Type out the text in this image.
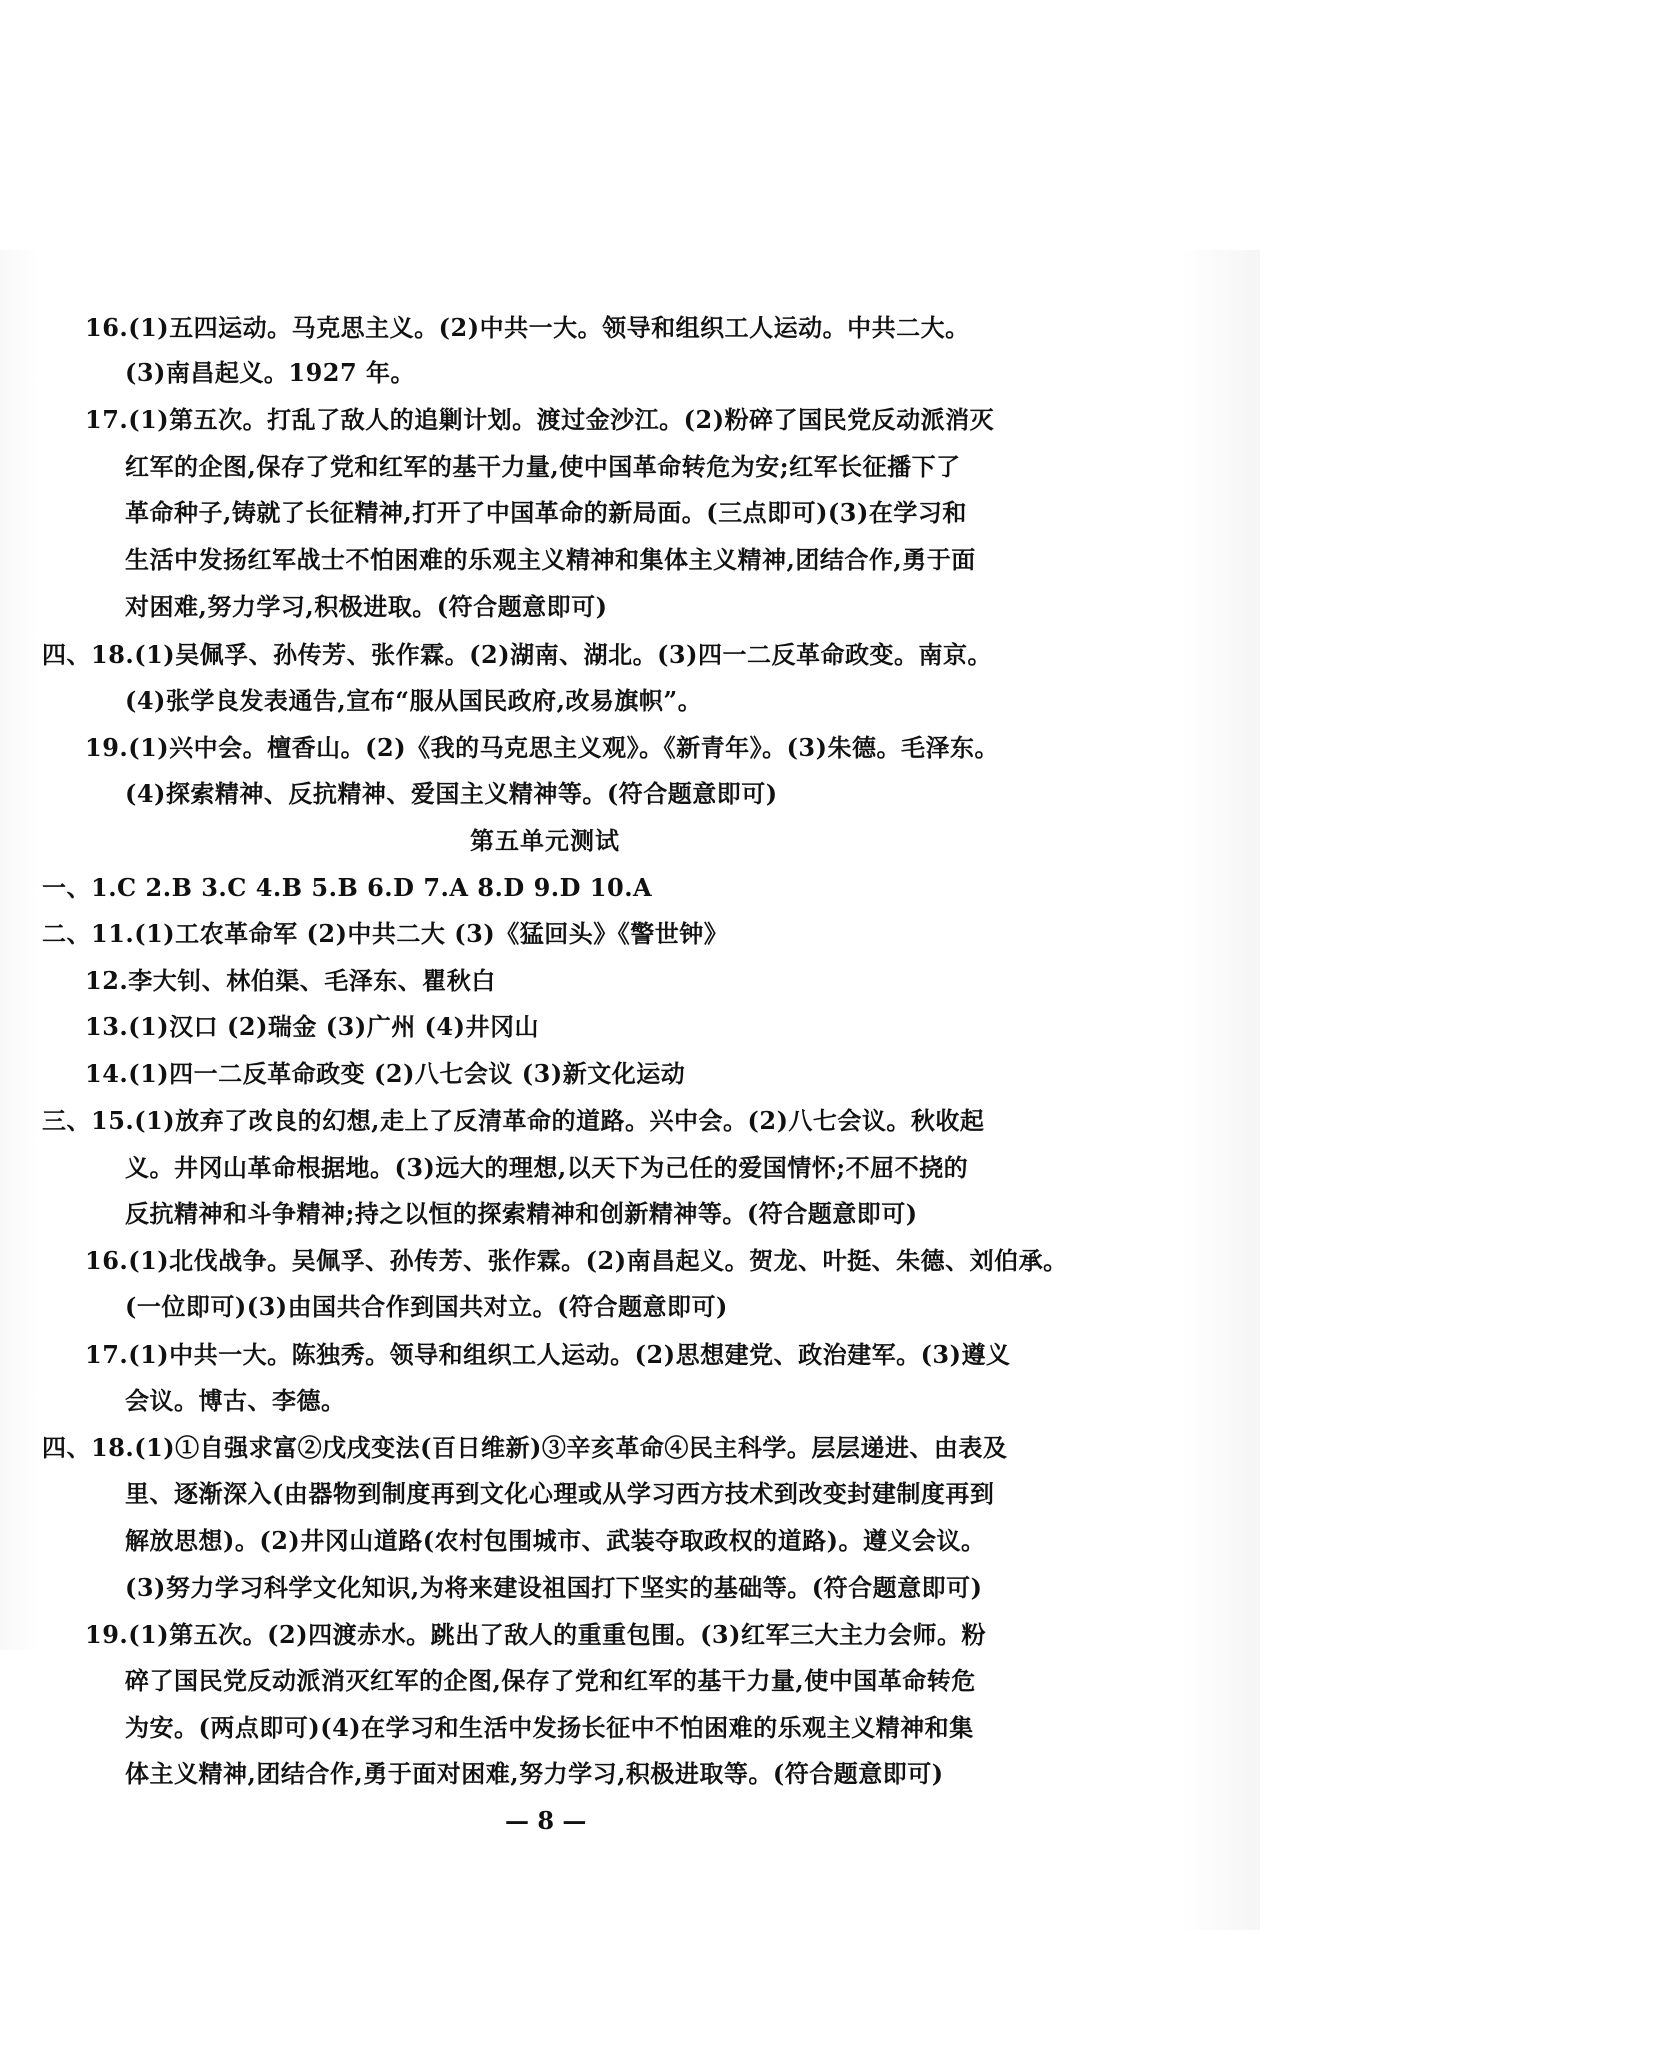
16.(1)五四运动。马克思主义。(2)中共一大。领导和组织工人运动。中共二大。
(3)南昌起义。1927 年。
17.(1)第五次。打乱了敌人的追剿计划。渡过金沙江。(2)粉碎了国民党反动派消灭
红军的企图,保存了党和红军的基干力量,使中国革命转危为安;红军长征播下了
革命种子,铸就了长征精神,打开了中国革命的新局面。(三点即可)(3)在学习和
生活中发扬红军战士不怕困难的乐观主义精神和集体主义精神,团结合作,勇于面
对困难,努力学习,积极进取。(符合题意即可)
四、18.(1)吴佩孚、孙传芳、张作霖。(2)湖南、湖北。(3)四一二反革命政变。南京。
(4)张学良发表通告,宣布“服从国民政府,改易旗帜”。
19.(1)兴中会。檀香山。(2)《我的马克思主义观》。《新青年》。(3)朱德。毛泽东。
(4)探索精神、反抗精神、爱国主义精神等。(符合题意即可)
第五单元测试
一、1.C 2.B 3.C 4.B 5.B 6.D 7.A 8.D 9.D 10.A
二、11.(1)工农革命军 (2)中共二大 (3)《猛回头》《警世钟》
12.李大钊、林伯渠、毛泽东、瞿秋白
13.(1)汉口 (2)瑞金 (3)广州 (4)井冈山
14.(1)四一二反革命政变 (2)八七会议 (3)新文化运动
三、15.(1)放弃了改良的幻想,走上了反清革命的道路。兴中会。(2)八七会议。秋收起
义。井冈山革命根据地。(3)远大的理想,以天下为己任的爱国情怀;不屈不挠的
反抗精神和斗争精神;持之以恒的探索精神和创新精神等。(符合题意即可)
16.(1)北伐战争。吴佩孚、孙传芳、张作霖。(2)南昌起义。贺龙、叶挺、朱德、刘伯承。
(一位即可)(3)由国共合作到国共对立。(符合题意即可)
17.(1)中共一大。陈独秀。领导和组织工人运动。(2)思想建党、政治建军。(3)遵义
会议。博古、李德。
四、18.(1)①自强求富②戊戌变法(百日维新)③辛亥革命④民主科学。层层递进、由表及
里、逐渐深入(由器物到制度再到文化心理或从学习西方技术到改变封建制度再到
解放思想)。(2)井冈山道路(农村包围城市、武装夺取政权的道路)。遵义会议。
(3)努力学习科学文化知识,为将来建设祖国打下坚实的基础等。(符合题意即可)
19.(1)第五次。(2)四渡赤水。跳出了敌人的重重包围。(3)红军三大主力会师。粉
碎了国民党反动派消灭红军的企图,保存了党和红军的基干力量,使中国革命转危
为安。(两点即可)(4)在学习和生活中发扬长征中不怕困难的乐观主义精神和集
体主义精神,团结合作,勇于面对困难,努力学习,积极进取等。(符合题意即可)
— 8 —
